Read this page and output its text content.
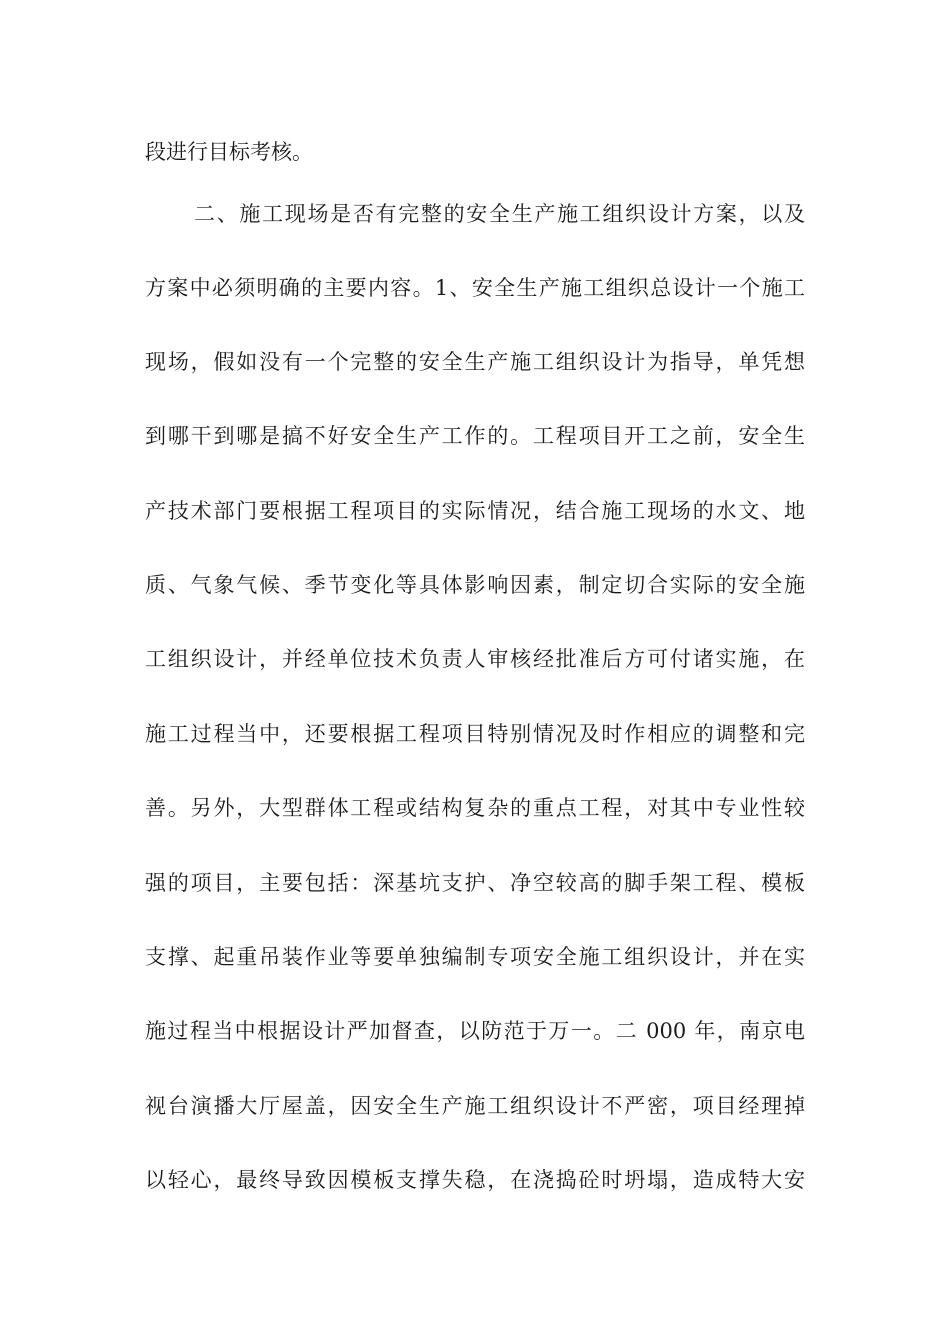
段进行目标考核。
二、施工现场是否有完整的安全生产施工组织设计方案，以及
方案中必须明确的主要内容。1、安全生产施工组织总设计一个施工
现场，假如没有一个完整的安全生产施工组织设计为指导，单凭想
到哪干到哪是搞不好安全生产工作的。工程项目开工之前，安全生
产技术部门要根据工程项目的实际情况，结合施工现场的水文、地
质、气象气候、季节变化等具体影响因素，制定切合实际的安全施
工组织设计，并经单位技术负责人审核经批准后方可付诸实施，在
施工过程当中，还要根据工程项目特别情况及时作相应的调整和完
善。另外，大型群体工程或结构复杂的重点工程，对其中专业性较
强的项目，主要包括：深基坑支护、净空较高的脚手架工程、模板
支撑、起重吊装作业等要单独编制专项安全施工组织设计，并在实
施过程当中根据设计严加督查，以防范于万一。二 000 年，南京电
视台演播大厅屋盖，因安全生产施工组织设计不严密，项目经理掉
以轻心，最终导致因模板支撑失稳，在浇捣砼时坍塌，造成特大安
